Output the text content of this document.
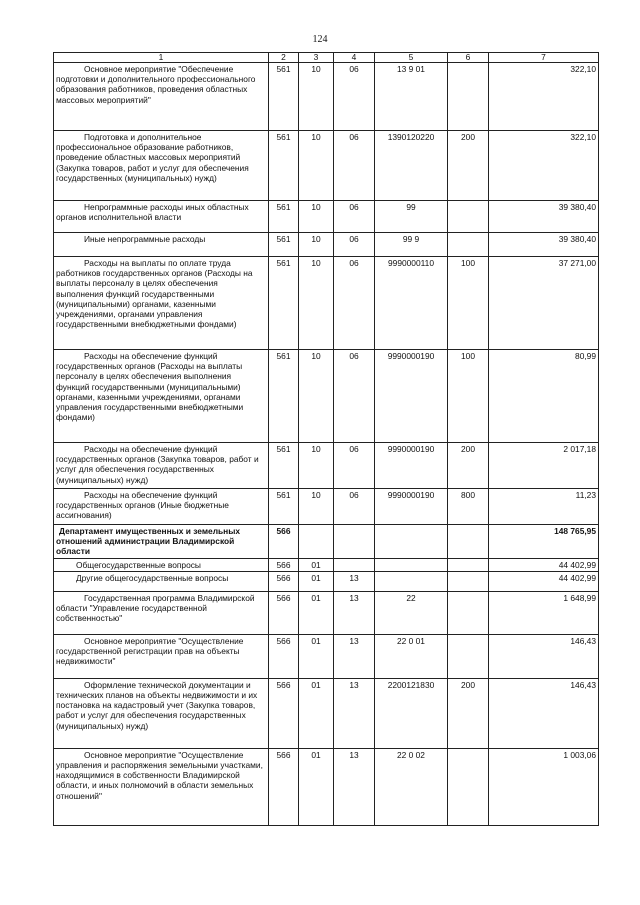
124
1	2	3	4	5	6	7

Основное мероприятие "Обеспечение подготовки и дополнительного профессионального образования работников, проведения областных массовых мероприятий"	561	10	06	13 9 01		322,10

Подготовка и дополнительное профессиональное образование работников, проведение областных массовых мероприятий (Закупка товаров, работ и услуг для обеспечения государственных (муниципальных) нужд)	561	10	06	1390120220	200	322,10

Непрограммные расходы иных областных органов исполнительной власти	561	10	06	99		39 380,40

Иные непрограммные расходы	561	10	06	99 9		39 380,40

Расходы на выплаты по оплате труда работников государственных органов (Расходы на выплаты персоналу в целях обеспечения выполнения функций государственными (муниципальными) органами, казенными учреждениями, органами управления государственными внебюджетными фондами)	561	10	06	9990000110	100	37 271,00

Расходы на обеспечение функций государственных органов (Расходы на выплаты персоналу в целях обеспечения выполнения функций государственными (муниципальными) органами, казенными учреждениями, органами управления государственными внебюджетными фондами)	561	10	06	9990000190	100	80,99

Расходы на обеспечение функций государственных органов (Закупка товаров, работ и услуг для обеспечения государственных (муниципальных) нужд)	561	10	06	9990000190	200	2 017,18

Расходы на обеспечение функций государственных органов (Иные бюджетные ассигнования)	561	10	06	9990000190	800	11,23

Департамент имущественных и земельных отношений администрации Владимирской области	566					148 765,95

Общегосударственные вопросы	566	01				44 402,99

Другие общегосударственные вопросы	566	01	13			44 402,99

Государственная программа Владимирской области "Управление государственной собственностью"	566	01	13	22		1 648,99

Основное мероприятие "Осуществление государственной регистрации прав на объекты недвижимости"	566	01	13	22 0 01		146,43

Оформление технической документации и технических планов на объекты недвижимости и их постановка на кадастровый учет (Закупка товаров, работ и услуг для обеспечения государственных (муниципальных) нужд)	566	01	13	2200121830	200	146,43

Основное мероприятие "Осуществление управления и распоряжения земельными участками, находящимися в собственности Владимирской области, и иных полномочий в области земельных отношений"	566	01	13	22 0 02		1 003,06
